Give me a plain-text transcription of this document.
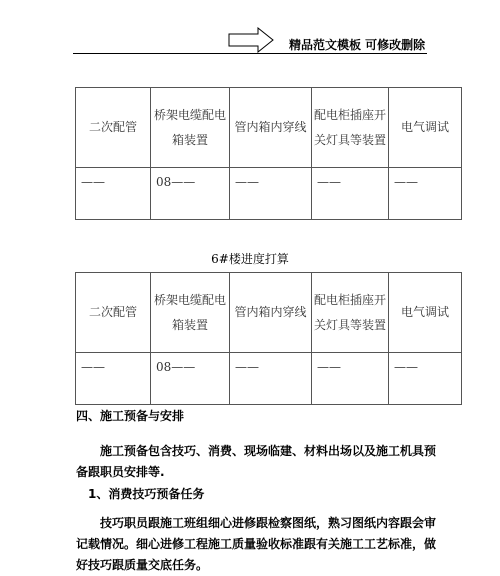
精品范文模板 可修改删除
二次配管	桥架电缆配电箱装置	管内箱内穿线	配电柜插座开关灯具等装置	电气调试
——	08——	——	——	——
6#楼进度打算
二次配管	桥架电缆配电箱装置	管内箱内穿线	配电柜插座开关灯具等装置	电气调试
——	08——	——	——	——
四、施工预备与安排
施工预备包含技巧、消费、现场临建、材料出场以及施工机具预备跟职员安排等.
1、消费技巧预备任务
技巧职员跟施工班组细心进修跟检察图纸，熟习图纸内容跟会审记载情况。细心进修工程施工质量验收标准跟有关施工工艺标准，做好技巧跟质量交底任务。
